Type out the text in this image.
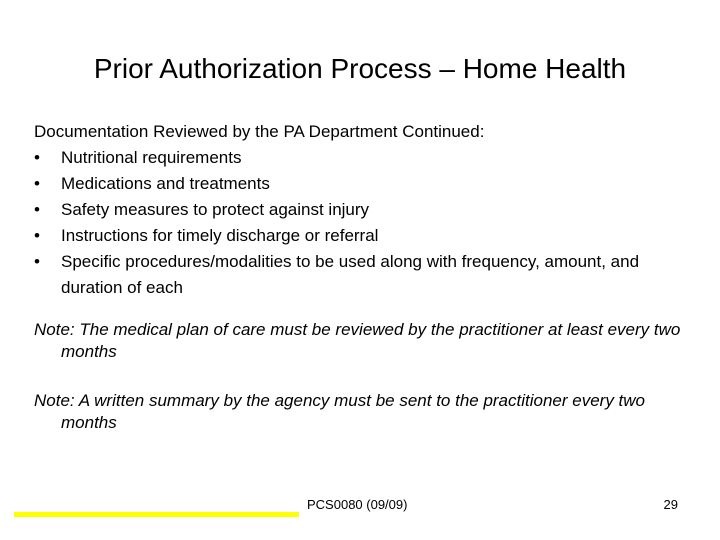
Prior Authorization Process – Home Health

Documentation Reviewed by the PA Department Continued:

• Nutritional requirements
• Medications and treatments
• Safety measures to protect against injury
• Instructions for timely discharge or referral
• Specific procedures/modalities to be used along with frequency, amount, and duration of each

Note: The medical plan of care must be reviewed by the practitioner at least every two months

Note: A written summary by the agency must be sent to the practitioner every two months

PCS0080 (09/09)	29
